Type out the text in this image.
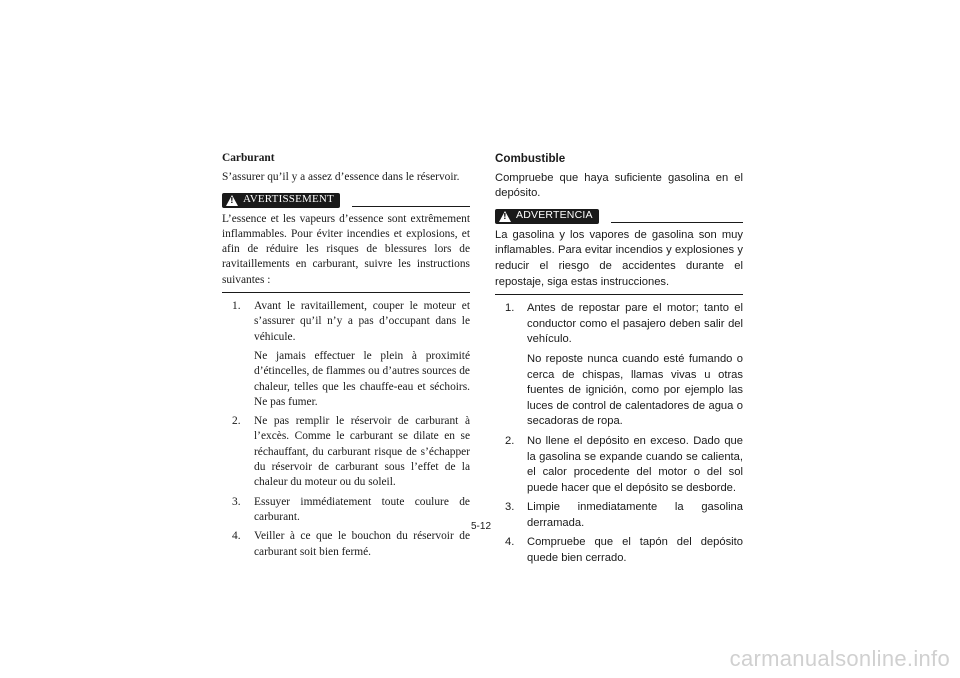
Carburant

S’assurer qu’il y a assez d’essence dans le réservoir.

!
AVERTISSEMENT

L’essence et les vapeurs d’essence sont extrêmement inflammables. Pour éviter incendies et explosions, et afin de réduire les risques de blessures lors de ravitaillements en carburant, suivre les instructions suivantes :

1.	Avant le ravitaillement, couper le moteur et s’assurer qu’il n’y a pas d’occupant dans le véhicule.

Ne jamais effectuer le plein à proximité d’étincelles, de flammes ou d’autres sources de chaleur, telles que les chauffe-eau et séchoirs. Ne pas fumer.

2.	Ne pas remplir le réservoir de carburant à l’excès. Comme le carburant se dilate en se réchauffant, du carburant risque de s’échapper du réservoir de carburant sous l’effet de la chaleur du moteur ou du soleil.

3.	Essuyer immédiatement toute coulure de carburant.

4.	Veiller à ce que le bouchon du réservoir de carburant soit bien fermé.

Combustible

Compruebe que haya suficiente gasolina en el depósito.

!
ADVERTENCIA

La gasolina y los vapores de gasolina son muy inflamables. Para evitar incendios y explosiones y reducir el riesgo de accidentes durante el repostaje, siga estas instrucciones.

1.	Antes de repostar pare el motor; tanto el conductor como el pasajero deben salir del vehículo.

No reposte nunca cuando esté fumando o cerca de chispas, llamas vivas u otras fuentes de ignición, como por ejemplo las luces de control de calentadores de agua o secadoras de ropa.

2.	No llene el depósito en exceso. Dado que la gasolina se expande cuando se calienta, el calor procedente del motor o del sol puede hacer que el depósito se desborde.

3.	Limpie inmediatamente la gasolina derramada.

4.	Compruebe que el tapón del depósito quede bien cerrado.

5-12
carmanualsonline.info
